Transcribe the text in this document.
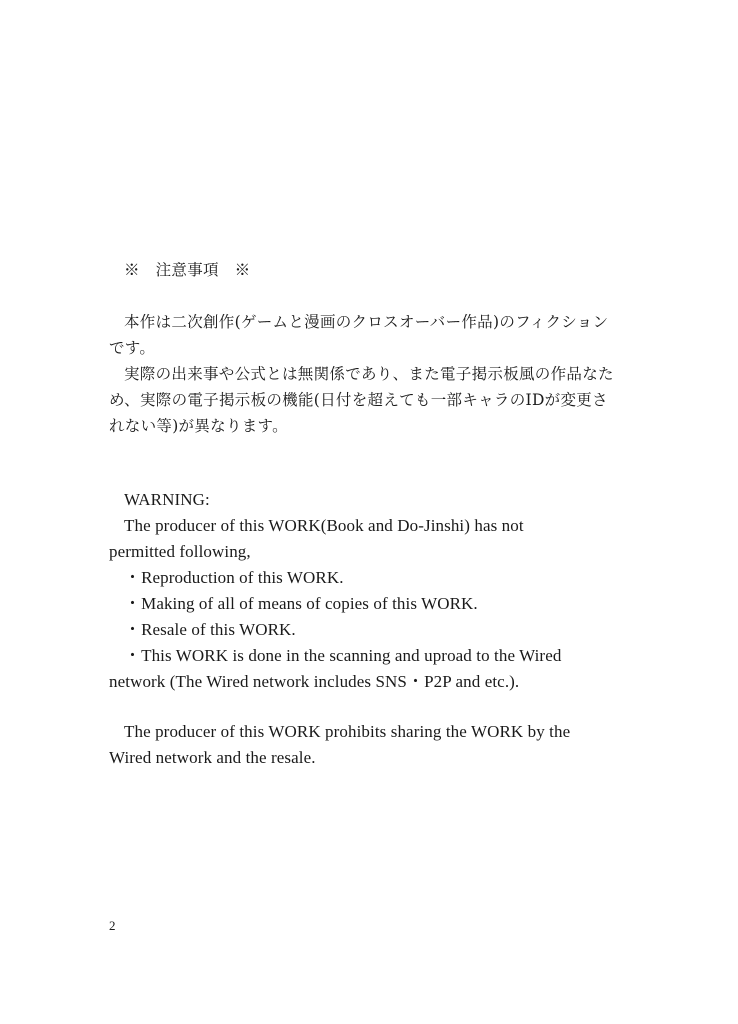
※　注意事項　※
本作は二次創作(ゲームと漫画のクロスオーバー作品)のフィクション
です。
実際の出来事や公式とは無関係であり、また電子掲示板風の作品なた
め、実際の電子掲示板の機能(日付を超えても一部キャラのIDが変更さ
れない等)が異なります。
WARNING:
The producer of this WORK(Book and Do-Jinshi) has not
permitted following,
・Reproduction of this WORK.
・Making of all of means of copies of this WORK.
・Resale of this WORK.
・This WORK is done in the scanning and uproad to the Wired
network (The Wired network includes SNS・P2P and etc.).
The producer of this WORK prohibits sharing the WORK by the
Wired network and the resale.
2
